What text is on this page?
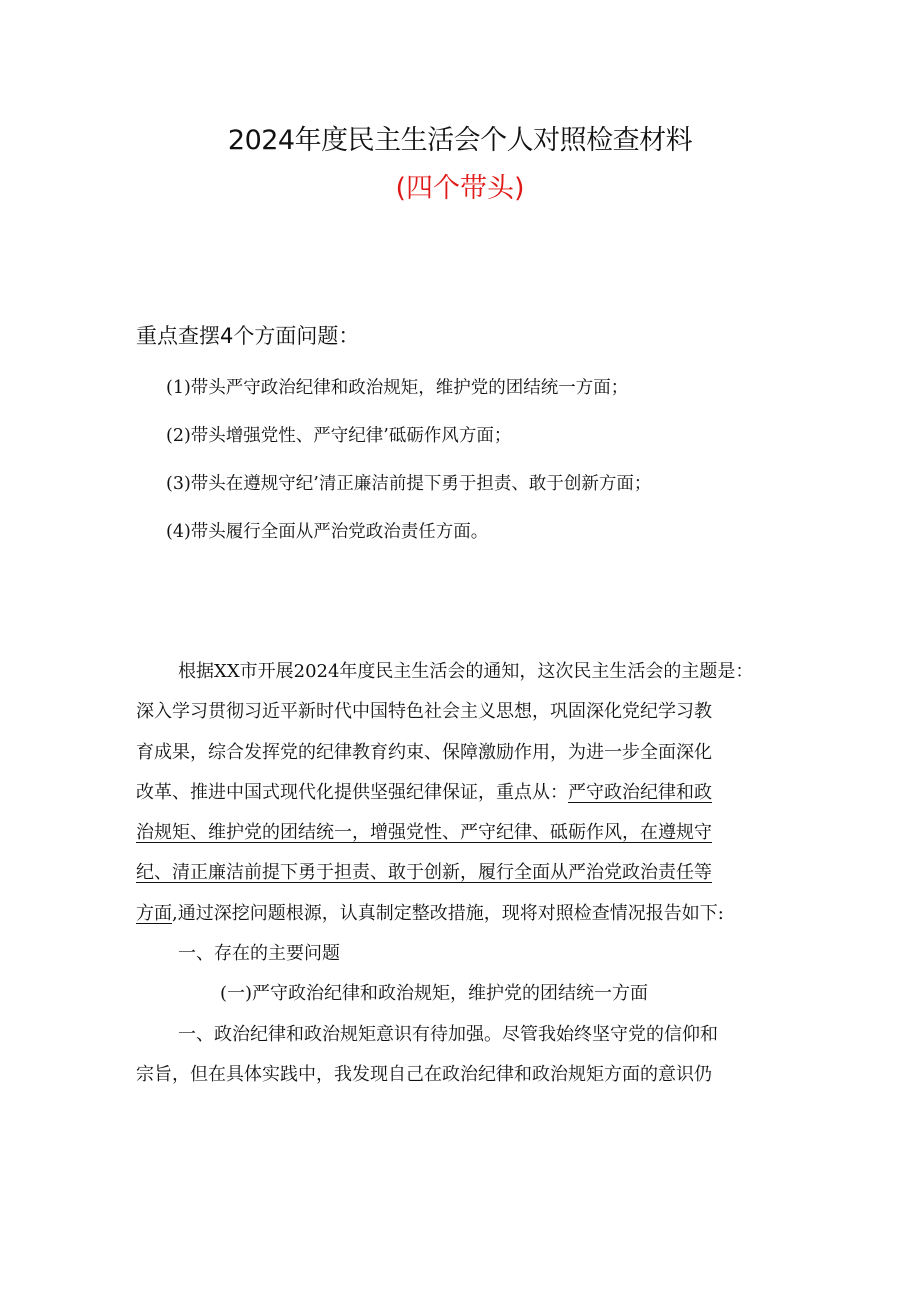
2024年度民主生活会个人对照检查材料
(四个带头)
重点查摆4个方面问题：
(1)带头严守政治纪律和政治规矩，维护党的团结统一方面；
(2)带头增强党性、严守纪律’砥砺作风方面；
(3)带头在遵规守纪’清正廉洁前提下勇于担责、敢于创新方面；
(4)带头履行全面从严治党政治责任方面。
根据XX市开展2024年度民主生活会的通知，这次民主生活会的主题是：
深入学习贯彻习近平新时代中国特色社会主义思想，巩固深化党纪学习教
育成果，综合发挥党的纪律教育约束、保障激励作用，为进一步全面深化
改革、推进中国式现代化提供坚强纪律保证，重点从：严守政治纪律和政
治规矩、维护党的团结统一，增强党性、严守纪律、砥砺作风，在遵规守
纪、清正廉洁前提下勇于担责、敢于创新，履行全面从严治党政治责任等
方面,通过深挖问题根源，认真制定整改措施，现将对照检查情况报告如下:
一、存在的主要问题
(一)严守政治纪律和政治规矩，维护党的团结统一方面
一、政治纪律和政治规矩意识有待加强。尽管我始终坚守党的信仰和
宗旨，但在具体实践中，我发现自己在政治纪律和政治规矩方面的意识仍
